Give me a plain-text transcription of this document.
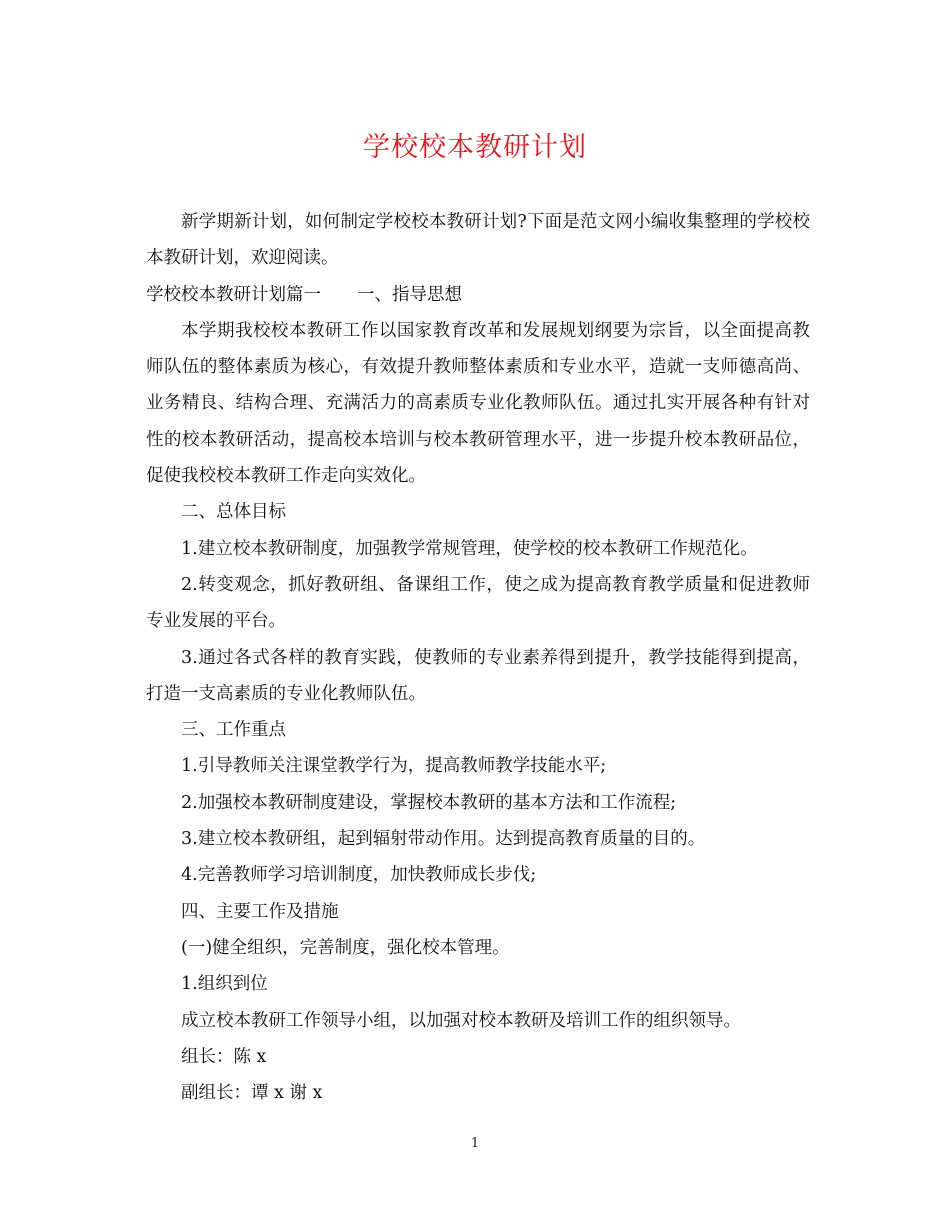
学校校本教研计划

新学期新计划，如何制定学校校本教研计划?下面是范文网小编收集整理的学校校本教研计划，欢迎阅读。

学校校本教研计划篇一 一、指导思想

本学期我校校本教研工作以国家教育改革和发展规划纲要为宗旨，以全面提高教师队伍的整体素质为核心，有效提升教师整体素质和专业水平，造就一支师德高尚、业务精良、结构合理、充满活力的高素质专业化教师队伍。通过扎实开展各种有针对性的校本教研活动，提高校本培训与校本教研管理水平，进一步提升校本教研品位，促使我校校本教研工作走向实效化。

二、总体目标

1.建立校本教研制度，加强教学常规管理，使学校的校本教研工作规范化。

2.转变观念，抓好教研组、备课组工作，使之成为提高教育教学质量和促进教师专业发展的平台。

3.通过各式各样的教育实践，使教师的专业素养得到提升，教学技能得到提高，打造一支高素质的专业化教师队伍。

三、工作重点

1.引导教师关注课堂教学行为，提高教师教学技能水平;

2.加强校本教研制度建设，掌握校本教研的基本方法和工作流程;

3.建立校本教研组，起到辐射带动作用。达到提高教育质量的目的。

4.完善教师学习培训制度，加快教师成长步伐;

四、主要工作及措施

(一)健全组织，完善制度，强化校本管理。

1.组织到位

成立校本教研工作领导小组，以加强对校本教研及培训工作的组织领导。

组长：陈 x

副组长：谭 x 谢 x

1
